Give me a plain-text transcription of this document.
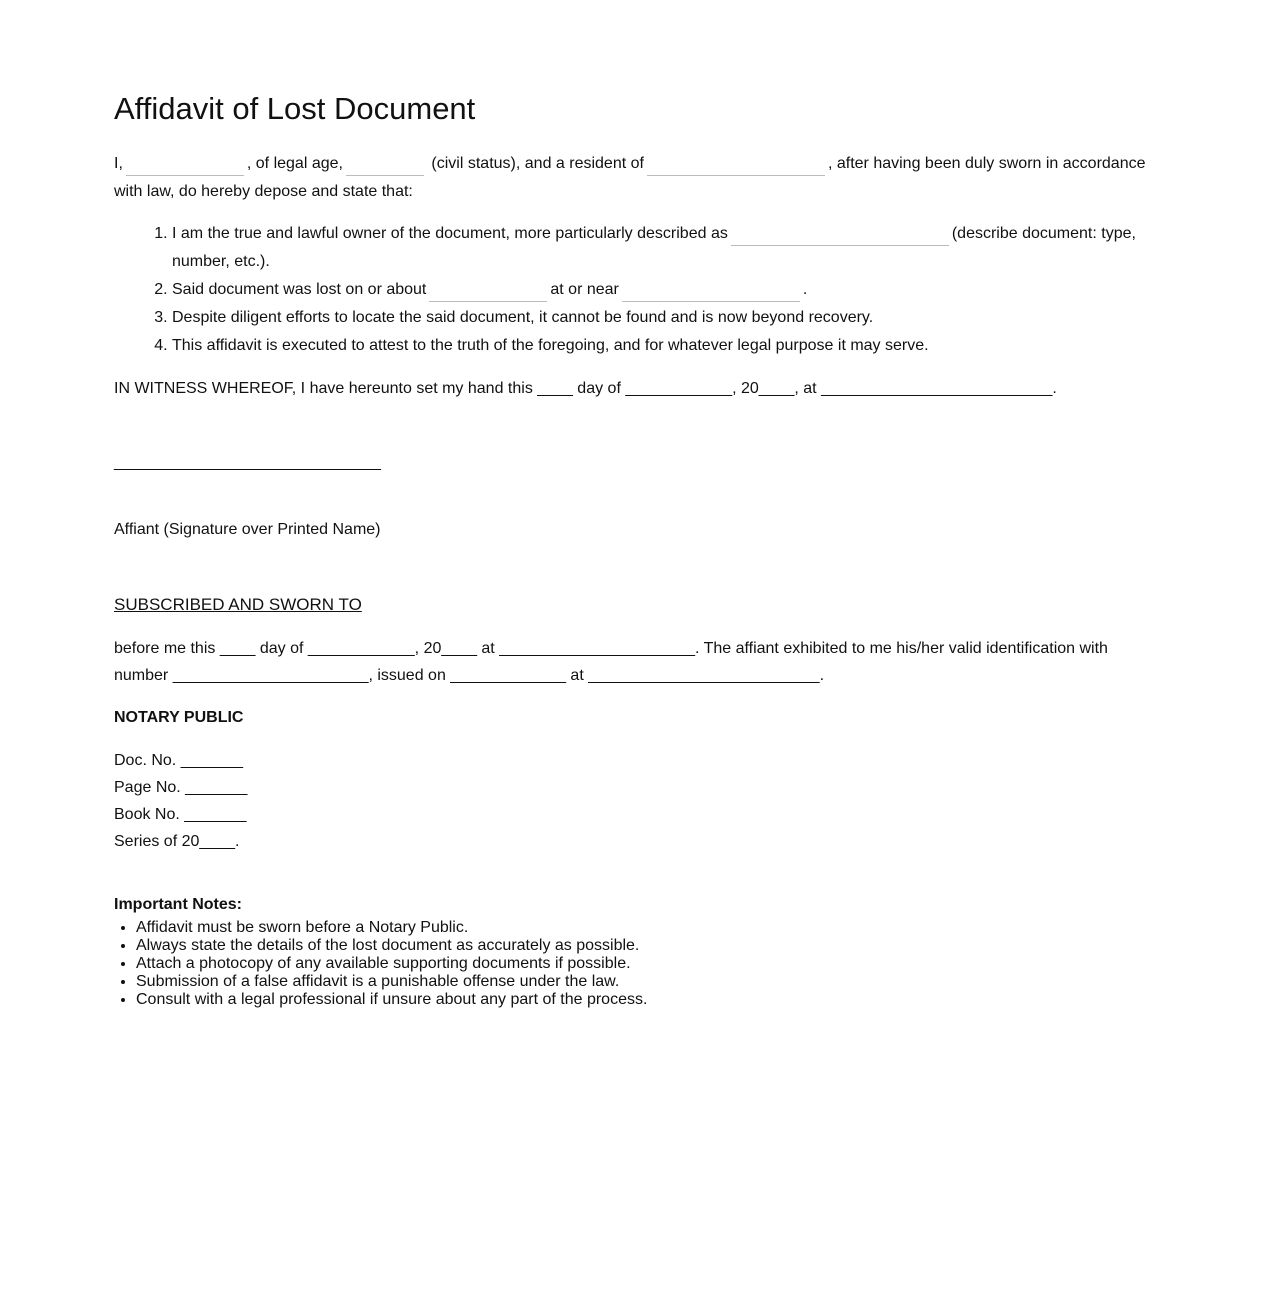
Affidavit of Lost Document

I,	, of legal age,	(civil status), and a resident of	, after having been duly sworn in accordance with law, do hereby depose and state that:

1. I am the true and lawful owner of the document, more particularly described as	(describe document: type, number, etc.).
2. Said document was lost on or about	at or near	.
3. Despite diligent efforts to locate the said document, it cannot be found and is now beyond recovery.
4. This affidavit is executed to attest to the truth of the foregoing, and for whatever legal purpose it may serve.

IN WITNESS WHEREOF, I have hereunto set my hand this ____ day of ____________, 20____, at __________________________.

______________________________
Affiant (Signature over Printed Name)
SUBSCRIBED AND SWORN TO

before me this ____ day of ____________, 20____ at ______________________. The affiant exhibited to me his/her valid identification with number ______________________, issued on _____________ at __________________________.

NOTARY PUBLIC
Doc. No. _______
Page No. _______
Book No. _______
Series of 20____.
Important Notes:
• Affidavit must be sworn before a Notary Public.
• Always state the details of the lost document as accurately as possible.
• Attach a photocopy of any available supporting documents if possible.
• Submission of a false affidavit is a punishable offense under the law.
• Consult with a legal professional if unsure about any part of the process.
